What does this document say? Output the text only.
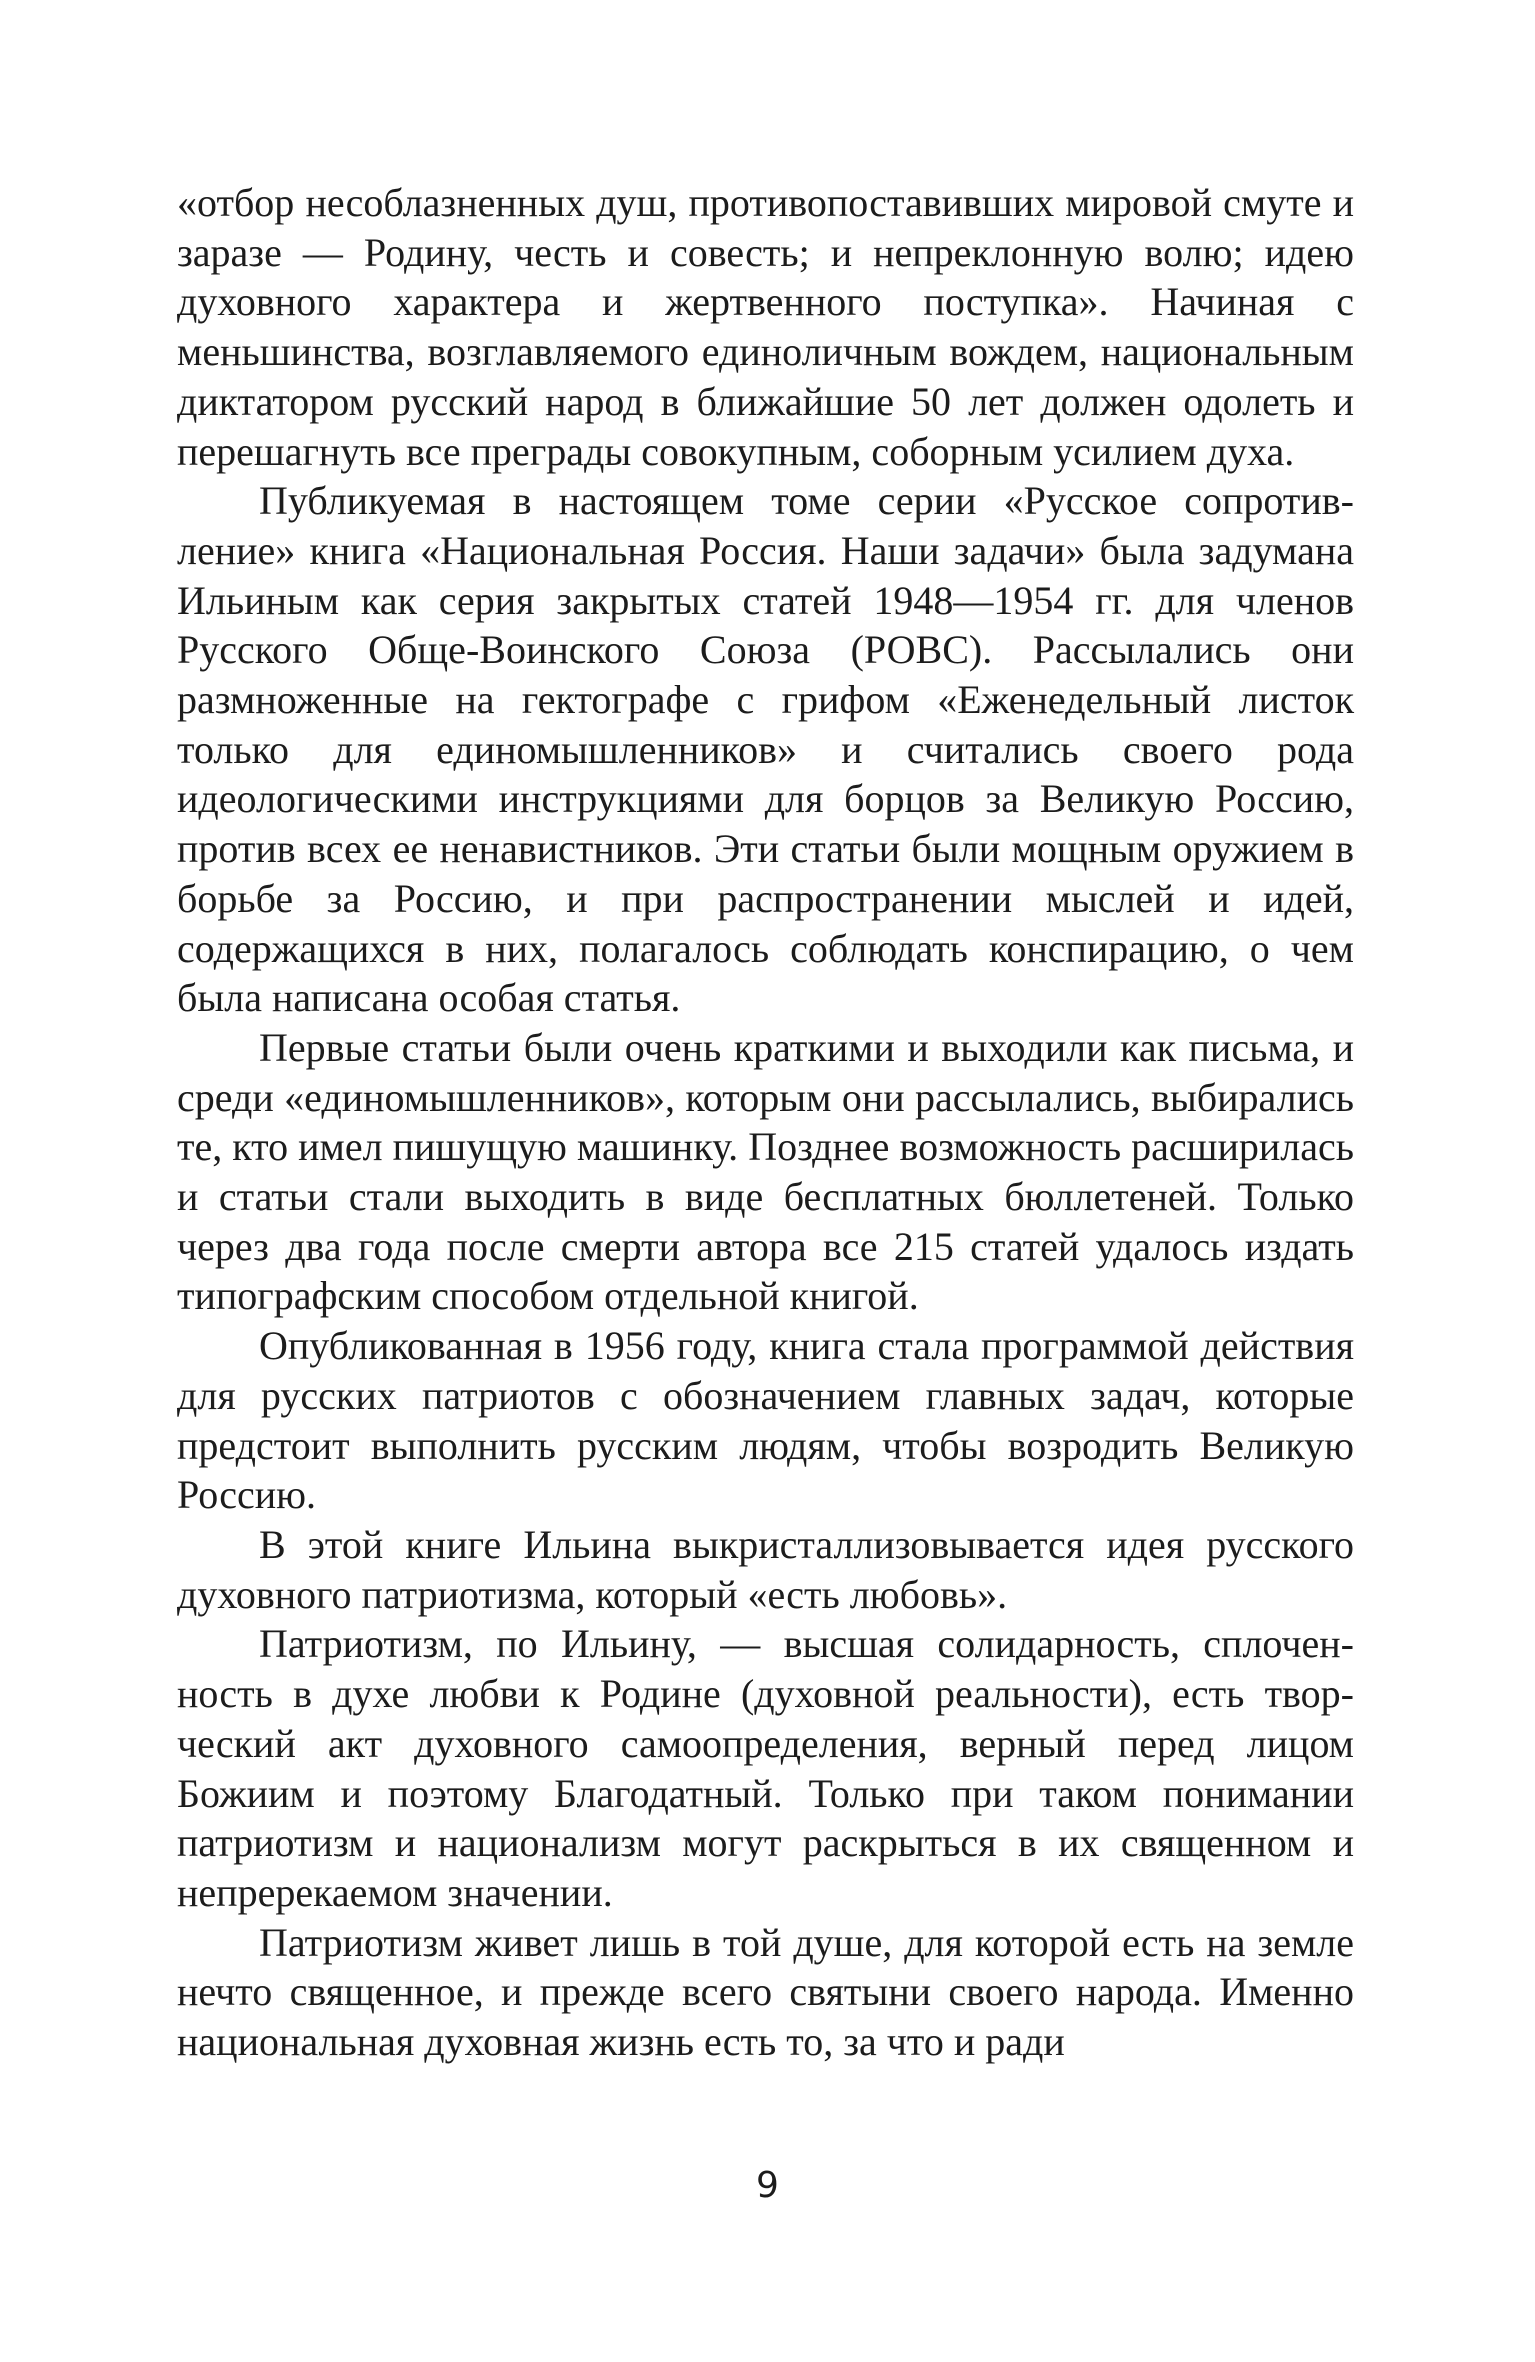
«отбор несоблазненных душ, противопоставивших мировой смуте и заразе — Родину, честь и совесть; и непреклонную волю; идею духовного характера и жертвенного поступка». Начиная с меньшинства, возглавляемого единоличным вождем, национальным диктатором русский народ в ближайшие 50 лет должен одолеть и перешагнуть все преграды совокупным, соборным усилием духа.

Публикуемая в настоящем томе серии «Русское сопротивление» книга «Национальная Россия. Наши задачи» была задумана Ильиным как серия закрытых статей 1948—1954 гг. для членов Русского Обще-Воинского Союза (РОВС). Рассылались они размноженные на гектографе с грифом «Еженедельный листок только для единомышленников» и считались своего рода идеологическими инструкциями для борцов за Великую Россию, против всех ее ненавистников. Эти статьи были мощным оружием в борьбе за Россию, и при распространении мыслей и идей, содержащихся в них, полагалось соблюдать конспирацию, о чем была написана особая статья.

Первые статьи были очень краткими и выходили как письма, и среди «единомышленников», которым они рассылались, выбирались те, кто имел пишущую машинку. Позднее возможность расширилась и статьи стали выходить в виде бесплатных бюллетеней. Только через два года после смерти автора все 215 статей удалось издать типографским способом отдельной книгой.

Опубликованная в 1956 году, книга стала программой действия для русских патриотов с обозначением главных задач, которые предстоит выполнить русским людям, чтобы возродить Великую Россию.

В этой книге Ильина выкристаллизовывается идея русского духовного патриотизма, который «есть любовь».

Патриотизм, по Ильину, — высшая солидарность, сплоченность в духе любви к Родине (духовной реальности), есть творческий акт духовного самоопределения, верный перед лицом Божиим и поэтому Благодатный. Только при таком понимании патриотизм и национализм могут раскрыться в их священном и непререкаемом значении.

Патриотизм живет лишь в той душе, для которой есть на земле нечто священное, и прежде всего святыни своего народа. Именно национальная духовная жизнь есть то, за что и ради

9
